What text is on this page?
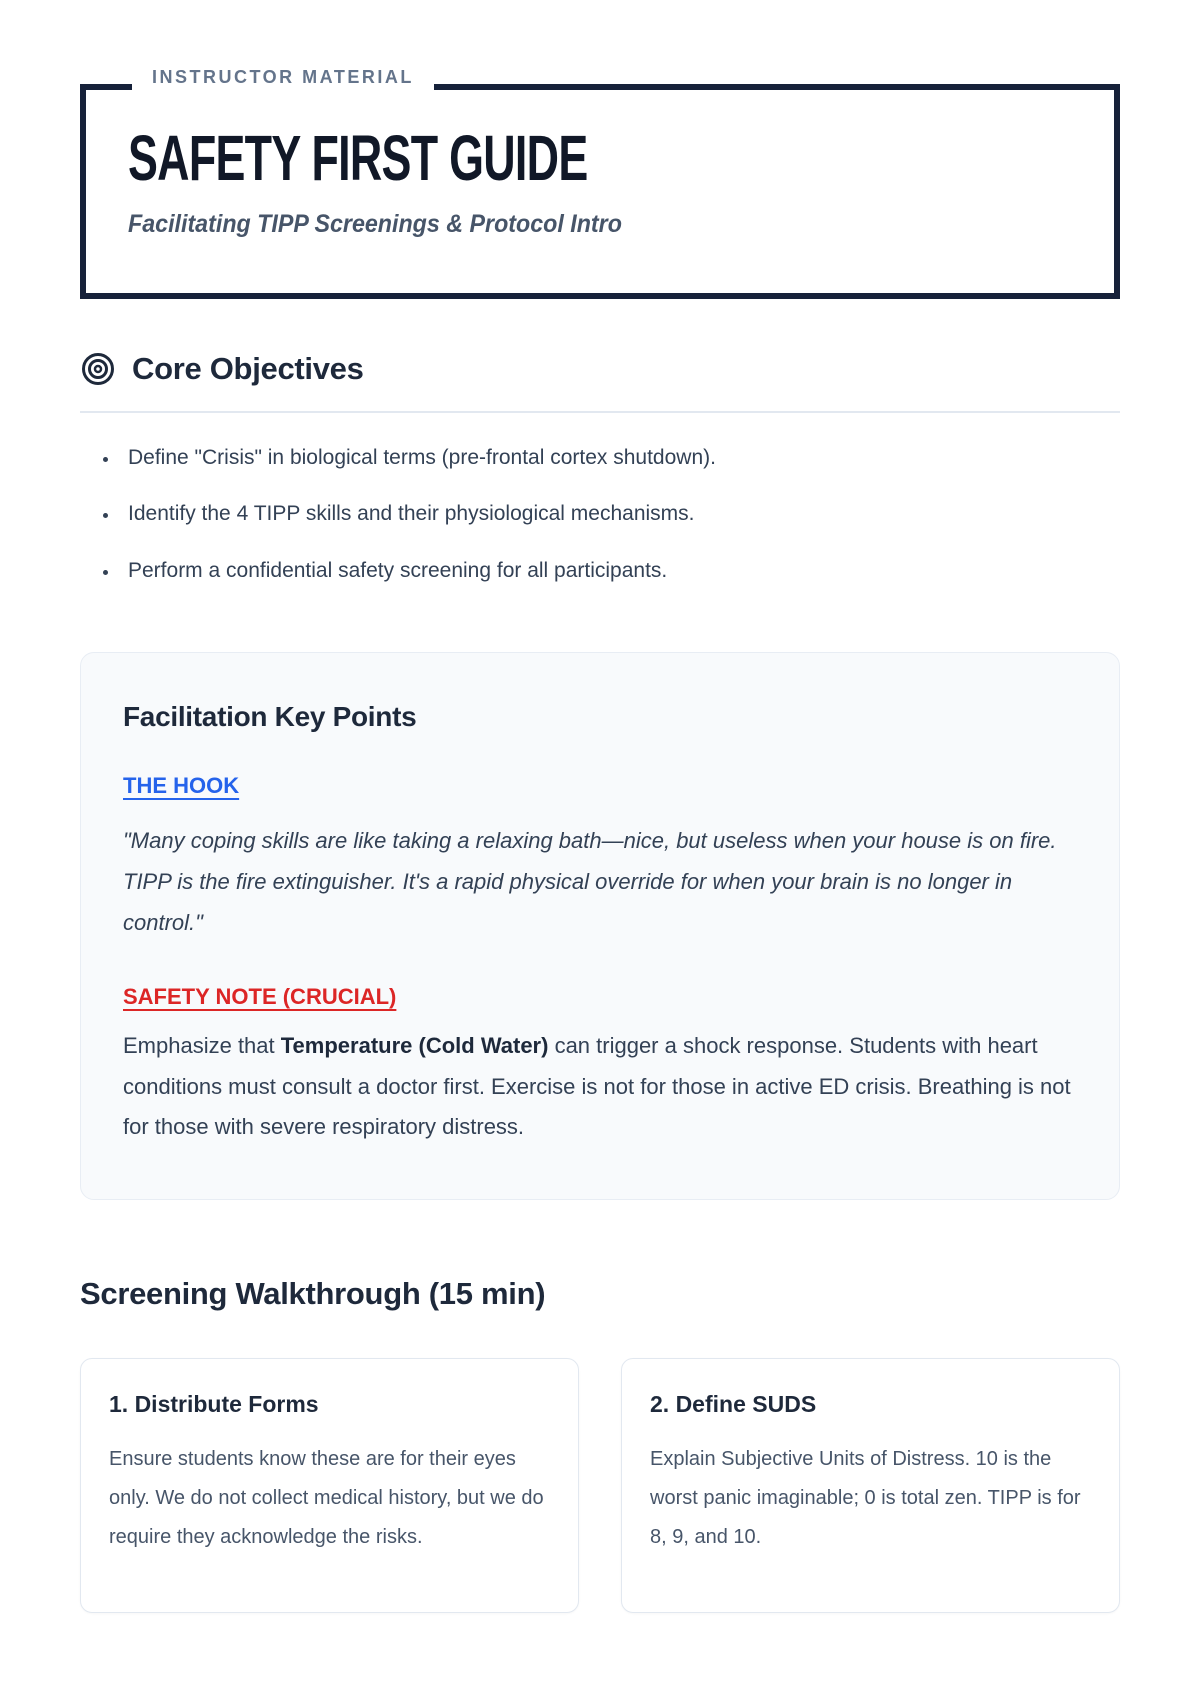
INSTRUCTOR MATERIAL
SAFETY FIRST GUIDE

Facilitating TIPP Screenings & Protocol Intro

Core Objectives
• Define "Crisis" in biological terms (pre-frontal cortex shutdown).
• Identify the 4 TIPP skills and their physiological mechanisms.
• Perform a confidential safety screening for all participants.
Facilitation Key Points
THE HOOK

"Many coping skills are like taking a relaxing bath—nice, but useless when your house is on fire. TIPP is the fire extinguisher. It's a rapid physical override for when your brain is no longer in control."

SAFETY NOTE (CRUCIAL)

Emphasize that Temperature (Cold Water) can trigger a shock response. Students with heart conditions must consult a doctor first. Exercise is not for those in active ED crisis. Breathing is not for those with severe respiratory distress.

Screening Walkthrough (15 min)
1. Distribute Forms

Ensure students know these are for their eyes only. We do not collect medical history, but we do require they acknowledge the risks.

2. Define SUDS

Explain Subjective Units of Distress. 10 is the worst panic imaginable; 0 is total zen. TIPP is for 8, 9, and 10.
